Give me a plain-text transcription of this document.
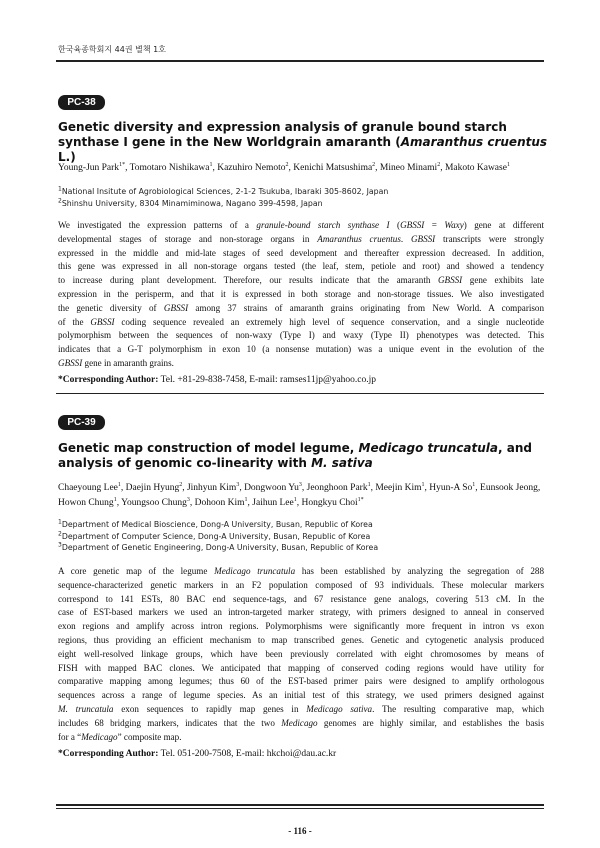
한국육종학회지 44권 별책 1호
PC-38
Genetic diversity and expression analysis of granule bound starch synthase I gene in the New Worldgrain amaranth (Amaranthus cruentus L.)
Young-Jun Park$^{1*}$, Tomotaro Nishikawa$^1$, Kazuhiro Nemoto$^2$, Kenichi Matsushima$^2$, Mineo Minami$^2$, Makoto Kawase$^1$
$^1$National Insitute of Agrobiological Sciences, 2-1-2 Tsukuba, Ibaraki 305-8602, Japan
$^2$Shinshu University, 8304 Minamiminowa, Nagano 399-4598, Japan
We investigated the expression patterns of a granule-bound starch synthase I (GBSSI = Waxy) gene at different
developmental stages of storage and non-storage organs in Amaranthus cruentus. GBSSI transcripts were strongly
expressed in the middle and mid-late stages of seed development and thereafter expression decreased. In addition,
this gene was expressed in all non-storage organs tested (the leaf, stem, petiole and root) and showed a tendency
to increase during plant development. Therefore, our results indicate that the amaranth GBSSI gene exhibits late
expression in the perisperm, and that it is expressed in both storage and non-storage tissues. We also investigated
the genetic diversity of GBSSI among 37 strains of amaranth grains originating from New World. A comparison
of the GBSSI coding sequence revealed an extremely high level of sequence conservation, and a single nucleotide
polymorphism between the sequences of non-waxy (Type I) and waxy (Type II) phenotypes was detected. This
indicates that a G-T polymorphism in exon 10 (a nonsense mutation) was a unique event in the evolution of the
GBSSI gene in amaranth grains.
*Corresponding Author: Tel. +81-29-838-7458, E-mail: ramses11jp@yahoo.co.jp
PC-39
Genetic map construction of model legume, Medicago truncatula, and analysis of genomic co-linearity with M. sativa
Chaeyoung Lee$^1$, Daejin Hyung$^2$, Jinhyun Kim$^3$, Dongwoon Yu$^3$, Jeonghoon Park$^1$, Meejin Kim$^1$, Hyun-A So$^1$, Eunsook Jeong, Howon Chung$^1$, Youngsoo Chung$^3$, Dohoon Kim$^1$, Jaihun Lee$^1$, Hongkyu Choi$^{1*}$
$^1$Department of Medical Bioscience, Dong-A University, Busan, Republic of Korea
$^2$Department of Computer Science, Dong-A University, Busan, Republic of Korea
$^3$Department of Genetic Engineering, Dong-A University, Busan, Republic of Korea
A core genetic map of the legume Medicago truncatula has been established by analyzing the segregation of 288
sequence-characterized genetic markers in an F2 population composed of 93 individuals. These molecular markers
correspond to 141 ESTs, 80 BAC end sequence-tags, and 67 resistance gene analogs, covering 513 cM. In the
case of EST-based markers we used an intron-targeted marker strategy, with primers designed to anneal in conserved
exon regions and amplify across intron regions. Polymorphisms were significantly more frequent in intron vs exon
regions, thus providing an efficient mechanism to map transcribed genes. Genetic and cytogenetic analysis produced
eight well-resolved linkage groups, which have been previously correlated with eight chromosomes by means of
FISH with mapped BAC clones. We anticipated that mapping of conserved coding regions would have utility for
comparative mapping among legumes; thus 60 of the EST-based primer pairs were designed to amplify orthologous
sequences across a range of legume species. As an initial test of this strategy, we used primers designed against
M. truncatula exon sequences to rapidly map genes in Medicago sativa. The resulting comparative map, which
includes 68 bridging markers, indicates that the two Medicago genomes are highly similar, and establishes the basis
for a “Medicago” composite map.
*Corresponding Author: Tel. 051-200-7508, E-mail: hkchoi@dau.ac.kr
- 116 -
